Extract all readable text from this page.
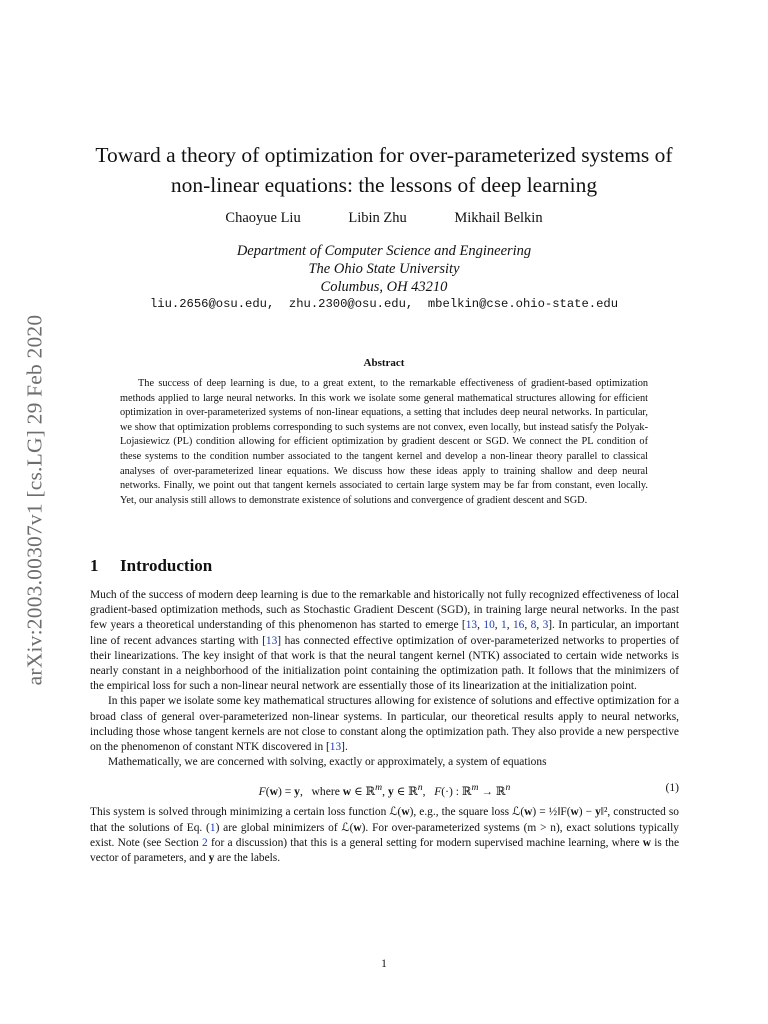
arXiv:2003.00307v1 [cs.LG] 29 Feb 2020
Toward a theory of optimization for over-parameterized systems of
non-linear equations: the lessons of deep learning
Chaoyue Liu	Libin Zhu	Mikhail Belkin
Department of Computer Science and Engineering
The Ohio State University
Columbus, OH 43210
liu.2656@osu.edu,  zhu.2300@osu.edu,  mbelkin@cse.ohio-state.edu
Abstract

The success of deep learning is due, to a great extent, to the remarkable effectiveness of gradient-based optimization methods applied to large neural networks. In this work we isolate some general mathematical structures allowing for efficient optimization in over-parameterized systems of non-linear equations, a setting that includes deep neural networks. In particular, we show that optimization problems corresponding to such systems are not convex, even locally, but instead satisfy the Polyak-Lojasiewicz (PL) condition allowing for efficient optimization by gradient descent or SGD. We connect the PL condition of these systems to the condition number associated to the tangent kernel and develop a non-linear theory parallel to classical analyses of over-parameterized linear equations. We discuss how these ideas apply to training shallow and deep neural networks. Finally, we point out that tangent kernels associated to certain large system may be far from constant, even locally. Yet, our analysis still allows to demonstrate existence of solutions and convergence of gradient descent and SGD.

1 Introduction

Much of the success of modern deep learning is due to the remarkable and historically not fully recognized effectiveness of local gradient-based optimization methods, such as Stochastic Gradient Descent (SGD), in training large neural networks. In the past few years a theoretical understanding of this phenomenon has started to emerge [13, 10, 1, 16, 8, 3]. In particular, an important line of recent advances starting with [13] has connected effective optimization of over-parameterized networks to properties of their linearizations. The key insight of that work is that the neural tangent kernel (NTK) associated to certain wide networks is nearly constant in a neighborhood of the initialization point containing the optimization path. It follows that the minimizers of the empirical loss for such a non-linear neural network are essentially those of its linearization at the initialization point.

In this paper we isolate some key mathematical structures allowing for existence of solutions and effective optimization for a broad class of general over-parameterized non-linear systems. In particular, our theoretical results apply to neural networks, including those whose tangent kernels are not close to constant along the optimization path. They also provide a new perspective on the phenomenon of constant NTK discovered in [13].

Mathematically, we are concerned with solving, exactly or approximately, a system of equations

F(w) = y,   where w ∈ ℝ$^m$, y ∈ ℝ$^n$,   F(·) : ℝ$^m$ → ℝ$^n$	(1)

This system is solved through minimizing a certain loss function ℒ(w), e.g., the square loss ℒ(w) = ½‖F(w) − y‖², constructed so that the solutions of Eq. (1) are global minimizers of ℒ(w). For over-parameterized systems (m > n), exact solutions typically exist. Note (see Section 2 for a discussion) that this is a general setting for modern supervised machine learning, where w is the vector of parameters, and y are the labels.

1
